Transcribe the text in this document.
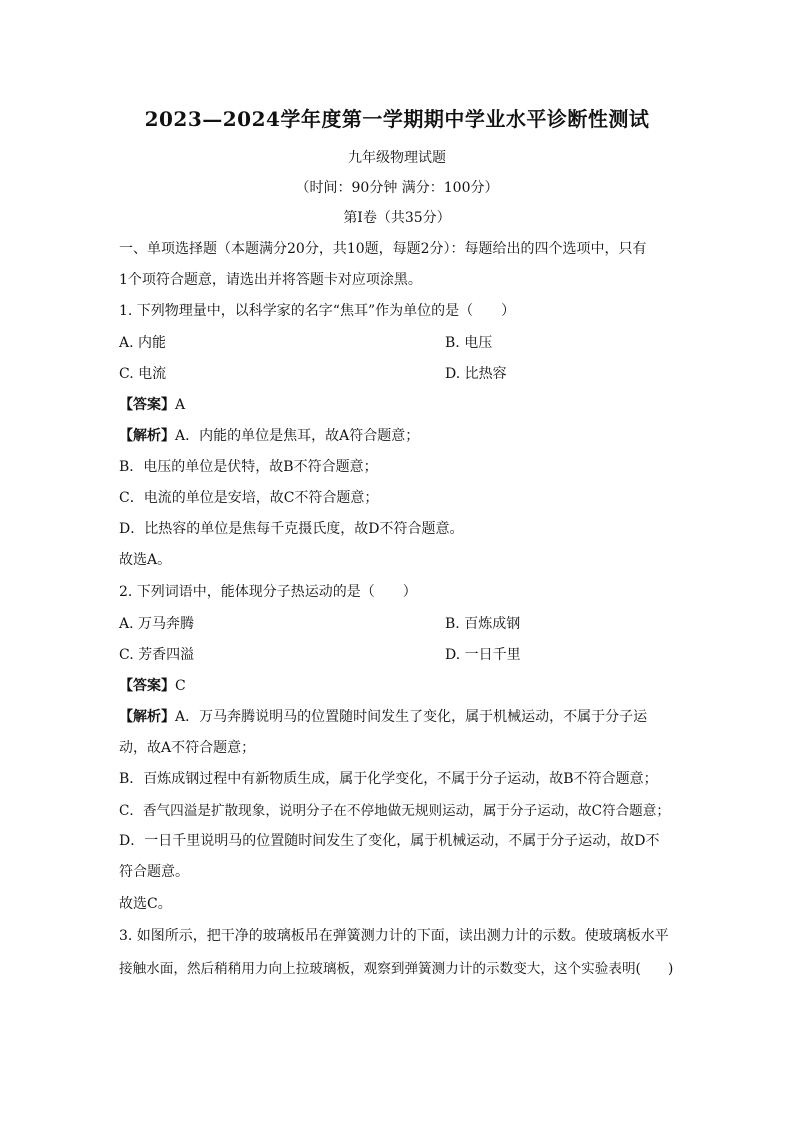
2023—2024学年度第一学期期中学业水平诊断性测试
九年级物理试题
（时间：90分钟 满分：100分）
第Ⅰ卷（共35分）
一、单项选择题（本题满分20分，共10题，每题2分）：每题给出的四个选项中，只有
1个项符合题意，请选出并将答题卡对应项涂黑。
1. 下列物理量中，以科学家的名字“焦耳”作为单位的是（　　）
A. 内能	B. 电压
C. 电流	D. 比热容
【答案】A
【解析】A．内能的单位是焦耳，故A符合题意；
B．电压的单位是伏特，故B不符合题意；
C．电流的单位是安培，故C不符合题意；
D．比热容的单位是焦每千克摄氏度，故D不符合题意。
故选A。
2. 下列词语中，能体现分子热运动的是（　　）
A. 万马奔腾	B. 百炼成钢
C. 芳香四溢	D. 一日千里
【答案】C
【解析】A．万马奔腾说明马的位置随时间发生了变化，属于机械运动，不属于分子运
动，故A不符合题意；
B．百炼成钢过程中有新物质生成，属于化学变化，不属于分子运动，故B不符合题意；
C．香气四溢是扩散现象，说明分子在不停地做无规则运动，属于分子运动，故C符合题意；
D．一日千里说明马的位置随时间发生了变化，属于机械运动，不属于分子运动，故D不
符合题意。
故选C。
3. 如图所示，把干净的玻璃板吊在弹簧测力计的下面，读出测力计的示数。使玻璃板水平
接触水面，然后稍稍用力向上拉玻璃板，观察到弹簧测力计的示数变大，这个实验表明(　　)
